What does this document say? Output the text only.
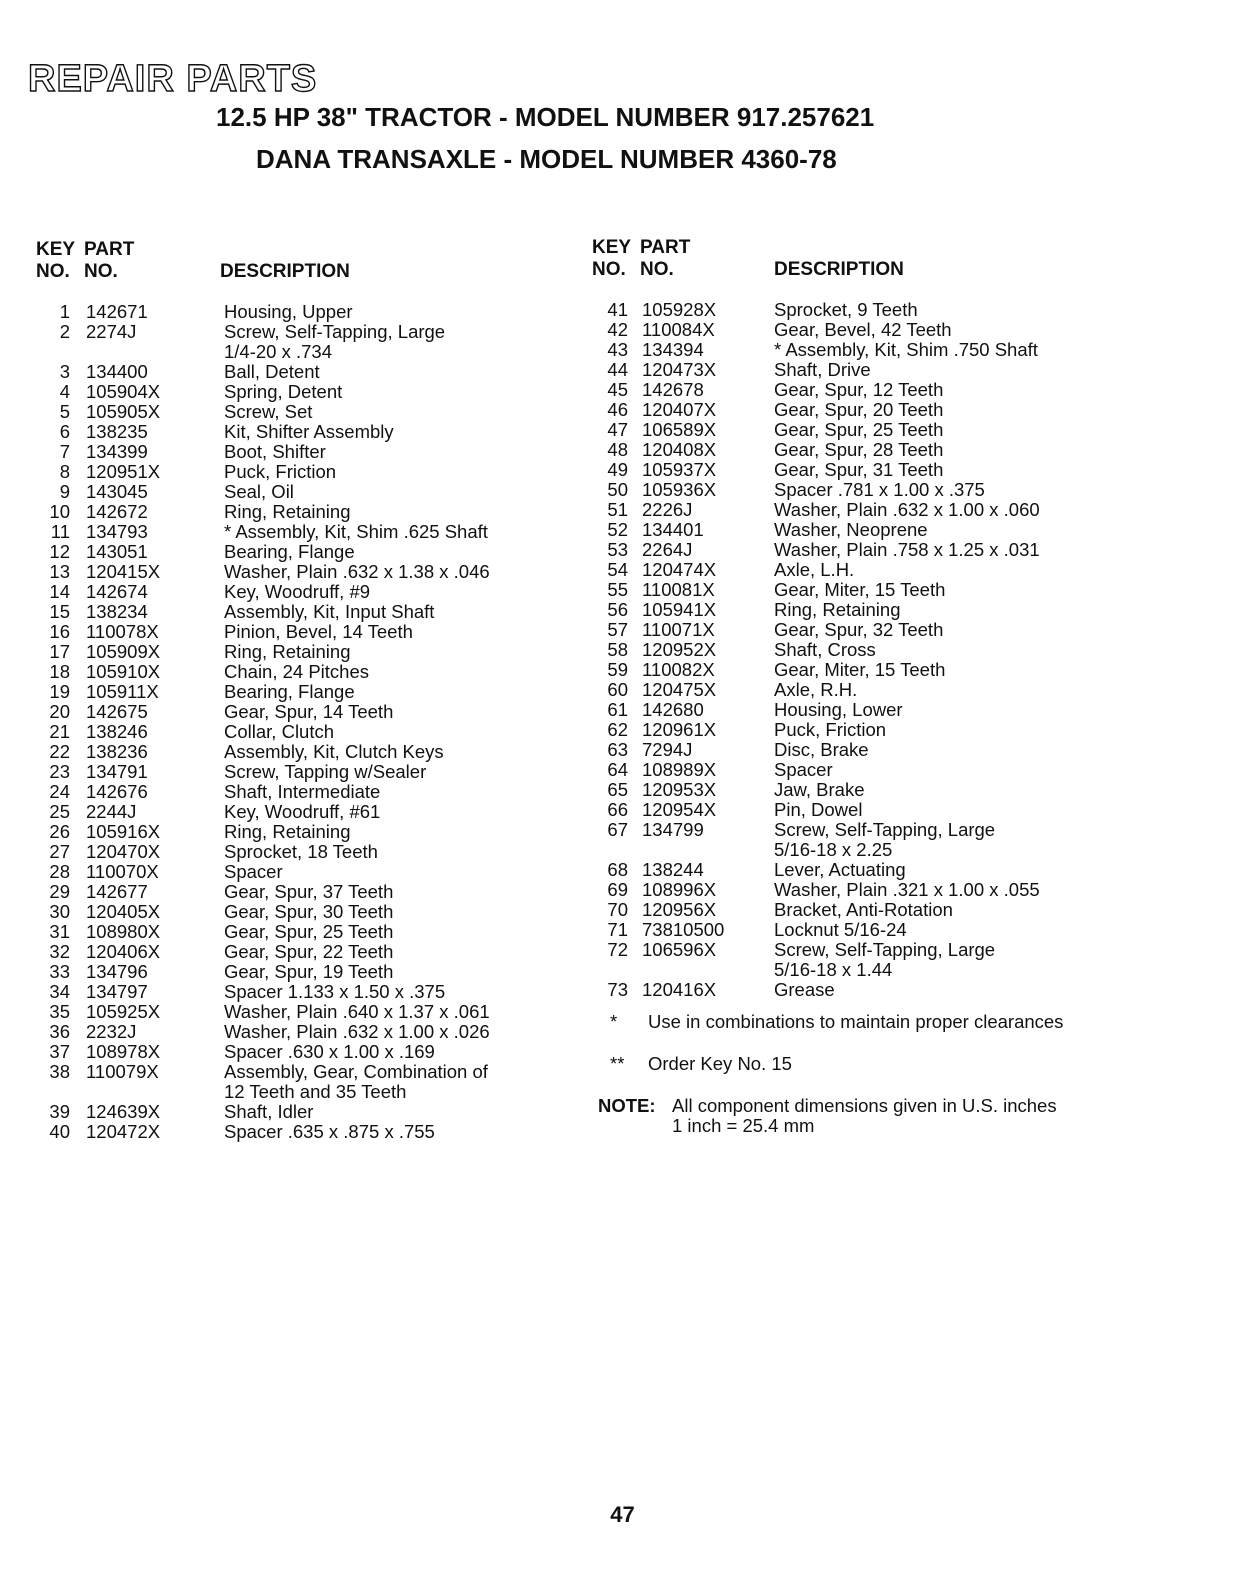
REPAIR PARTS
12.5 HP 38" TRACTOR - MODEL NUMBER 917.257621
DANA TRANSAXLE - MODEL NUMBER 4360-78
KEY
NO.
PART
NO.	DESCRIPTION
1 142671	Housing, Upper
2 2274J	Screw, Self-Tapping, Large
1/4-20 x .734
3 134400	Ball, Detent
4 105904X	Spring, Detent
5 105905X	Screw, Set
6 138235	Kit, Shifter Assembly
7 134399	Boot, Shifter
8 120951X	Puck, Friction
9 143045	Seal, Oil
10 142672	Ring, Retaining
11 134793	* Assembly, Kit, Shim .625 Shaft
12 143051	Bearing, Flange
13 120415X	Washer, Plain .632 x 1.38 x .046
14 142674	Key, Woodruff, #9
15 138234	Assembly, Kit, Input Shaft
16 110078X	Pinion, Bevel, 14 Teeth
17 105909X	Ring, Retaining
18 105910X	Chain, 24 Pitches
19 105911X	Bearing, Flange
20 142675	Gear, Spur, 14 Teeth
21 138246	Collar, Clutch
22 138236	Assembly, Kit, Clutch Keys
23 134791	Screw, Tapping w/Sealer
24 142676	Shaft, Intermediate
25 2244J	Key, Woodruff, #61
26 105916X	Ring, Retaining
27 120470X	Sprocket, 18 Teeth
28 110070X	Spacer
29 142677	Gear, Spur, 37 Teeth
30 120405X	Gear, Spur, 30 Teeth
31 108980X	Gear, Spur, 25 Teeth
32 120406X	Gear, Spur, 22 Teeth
33 134796	Gear, Spur, 19 Teeth
34 134797	Spacer 1.133 x 1.50 x .375
35 105925X	Washer, Plain .640 x 1.37 x .061
36 2232J	Washer, Plain .632 x 1.00 x .026
37 108978X	Spacer .630 x 1.00 x .169
38 110079X	Assembly, Gear, Combination of
12 Teeth and 35 Teeth
39 124639X	Shaft, Idler
40 120472X	Spacer .635 x .875 x .755
KEY
NO.
PART
NO.	DESCRIPTION
41 105928X	Sprocket, 9 Teeth
42 110084X	Gear, Bevel, 42 Teeth
43 134394	* Assembly, Kit, Shim .750 Shaft
44 120473X	Shaft, Drive
45 142678	Gear, Spur, 12 Teeth
46 120407X	Gear, Spur, 20 Teeth
47 106589X	Gear, Spur, 25 Teeth
48 120408X	Gear, Spur, 28 Teeth
49 105937X	Gear, Spur, 31 Teeth
50 105936X	Spacer .781 x 1.00 x .375
51 2226J	Washer, Plain .632 x 1.00 x .060
52 134401	Washer, Neoprene
53 2264J	Washer, Plain .758 x 1.25 x .031
54 120474X	Axle, L.H.
55 110081X	Gear, Miter, 15 Teeth
56 105941X	Ring, Retaining
57 110071X	Gear, Spur, 32 Teeth
58 120952X	Shaft, Cross
59 110082X	Gear, Miter, 15 Teeth
60 120475X	Axle, R.H.
61 142680	Housing, Lower
62 120961X	Puck, Friction
63 7294J	Disc, Brake
64 108989X	Spacer
65 120953X	Jaw, Brake
66 120954X	Pin, Dowel
67 134799	Screw, Self-Tapping, Large
5/16-18 x 2.25
68 138244	Lever, Actuating
69 108996X	Washer, Plain .321 x 1.00 x .055
70 120956X	Bracket, Anti-Rotation
71 73810500	Locknut 5/16-24
72 106596X	Screw, Self-Tapping, Large
5/16-18 x 1.44
73 120416X	Grease
* Use in combinations to maintain proper clearances
** Order Key No. 15
NOTE: All component dimensions given in U.S. inches
1 inch = 25.4 mm
47
